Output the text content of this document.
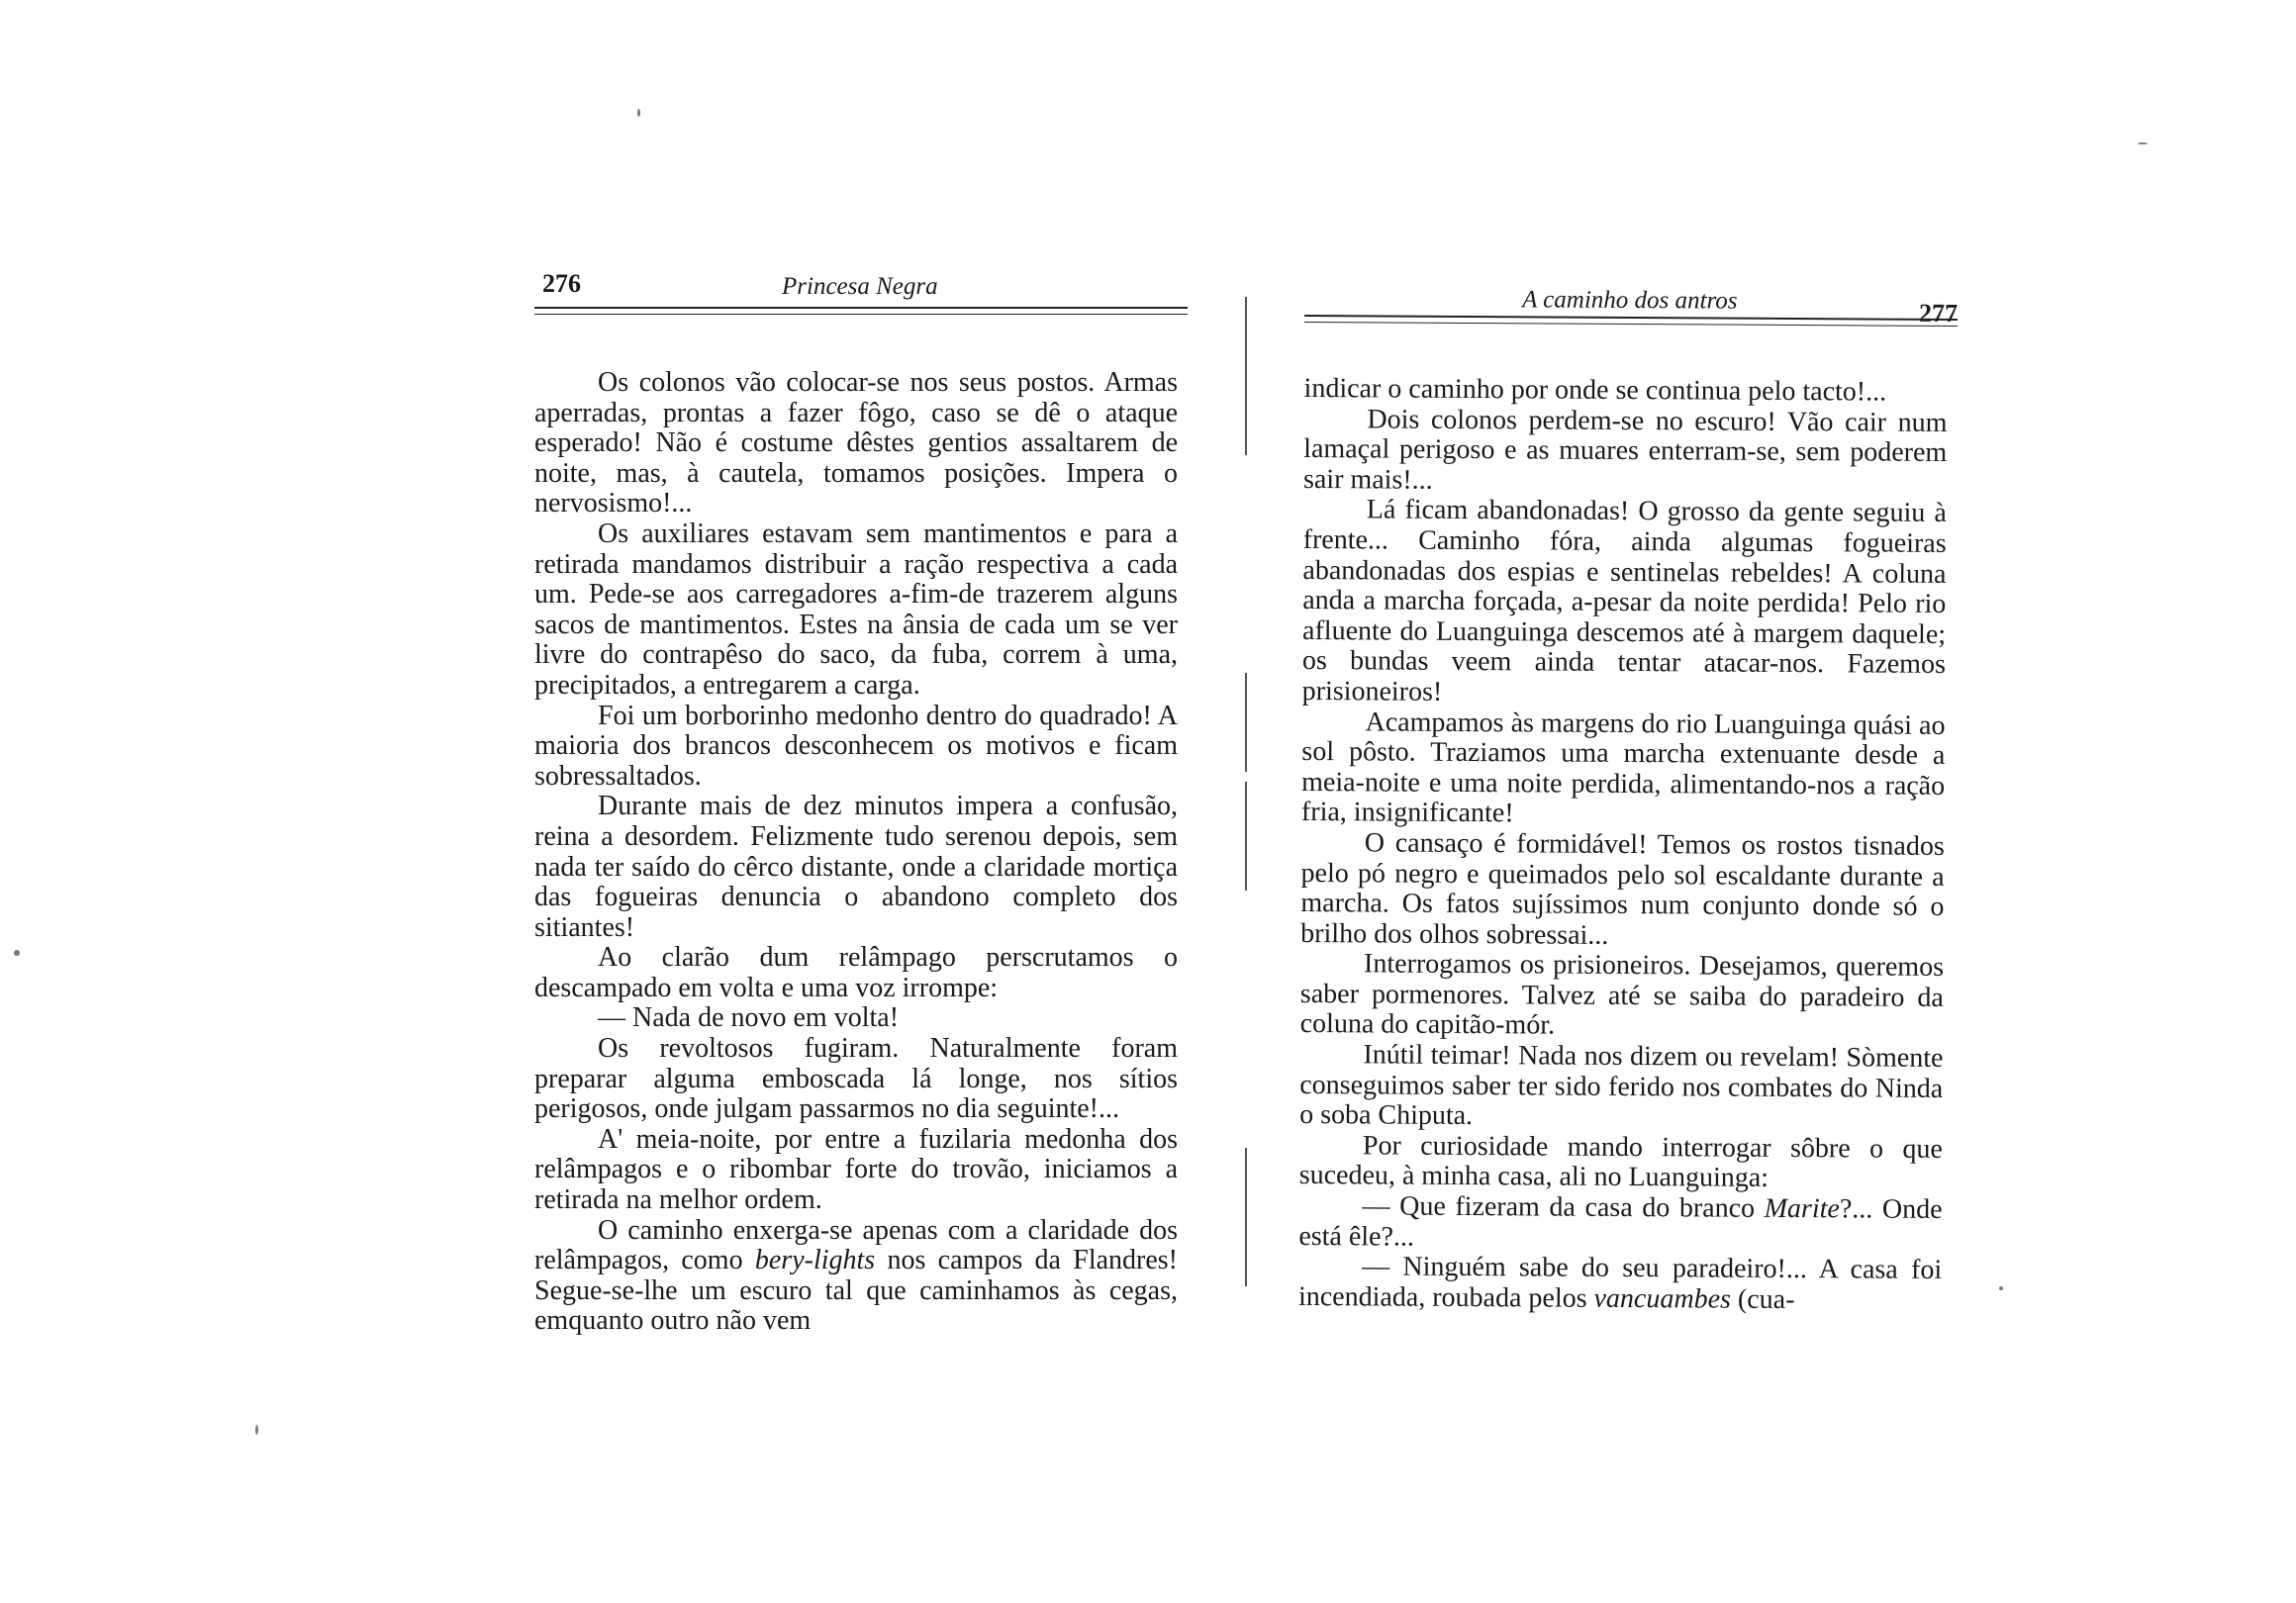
276	Princesa Negra

Os colonos vão colocar-se nos seus postos. Armas aperradas, prontas a fazer fôgo, caso se dê o ataque esperado! Não é costume dêstes gentios assaltarem de noite, mas, à cautela, tomamos posições. Impera o nervosismo!...

Os auxiliares estavam sem mantimentos e para a retirada mandamos distribuir a ração respectiva a cada um. Pede-se aos carregadores a-fim-de trazerem alguns sacos de mantimentos. Estes na ânsia de cada um se ver livre do contrapêso do saco, da fuba, correm à uma, precipitados, a entregarem a carga.

Foi um borborinho medonho dentro do quadrado! A maioria dos brancos desconhecem os motivos e ficam sobressaltados.

Durante mais de dez minutos impera a confusão, reina a desordem. Felizmente tudo serenou depois, sem nada ter saído do cêrco distante, onde a claridade mortiça das fogueiras denuncia o abandono completo dos sitiantes!

Ao clarão dum relâmpago perscrutamos o descampado em volta e uma voz irrompe:

— Nada de novo em volta!

Os revoltosos fugiram. Naturalmente foram preparar alguma emboscada lá longe, nos sítios perigosos, onde julgam passarmos no dia seguinte!...

A' meia-noite, por entre a fuzilaria medonha dos relâmpagos e o ribombar forte do trovão, iniciamos a retirada na melhor ordem.

O caminho enxerga-se apenas com a claridade dos relâmpagos, como bery-lights nos campos da Flandres! Segue-se-lhe um escuro tal que caminhamos às cegas, emquanto outro não vem

A caminho dos antros	277

indicar o caminho por onde se continua pelo tacto!...

Dois colonos perdem-se no escuro! Vão cair num lamaçal perigoso e as muares enterram-se, sem poderem sair mais!...

Lá ficam abandonadas! O grosso da gente seguiu à frente... Caminho fóra, ainda algumas fogueiras abandonadas dos espias e sentinelas rebeldes! A coluna anda a marcha forçada, a-pesar da noite perdida! Pelo rio afluente do Luanguinga descemos até à margem daquele; os bundas veem ainda tentar atacar-nos. Fazemos prisioneiros!

Acampamos às margens do rio Luanguinga quási ao sol pôsto. Traziamos uma marcha extenuante desde a meia-noite e uma noite perdida, alimentando-nos a ração fria, insignificante!

O cansaço é formidável! Temos os rostos tisnados pelo pó negro e queimados pelo sol escaldante durante a marcha. Os fatos sujíssimos num conjunto donde só o brilho dos olhos sobressai...

Interrogamos os prisioneiros. Desejamos, queremos saber pormenores. Talvez até se saiba do paradeiro da coluna do capitão-mór.

Inútil teimar! Nada nos dizem ou revelam! Sòmente conseguimos saber ter sido ferido nos combates do Ninda o soba Chiputa.

Por curiosidade mando interrogar sôbre o que sucedeu, à minha casa, ali no Luanguinga:

— Que fizeram da casa do branco Marite?... Onde está êle?...

— Ninguém sabe do seu paradeiro!... A casa foi incendiada, roubada pelos vancuambes (cua-
